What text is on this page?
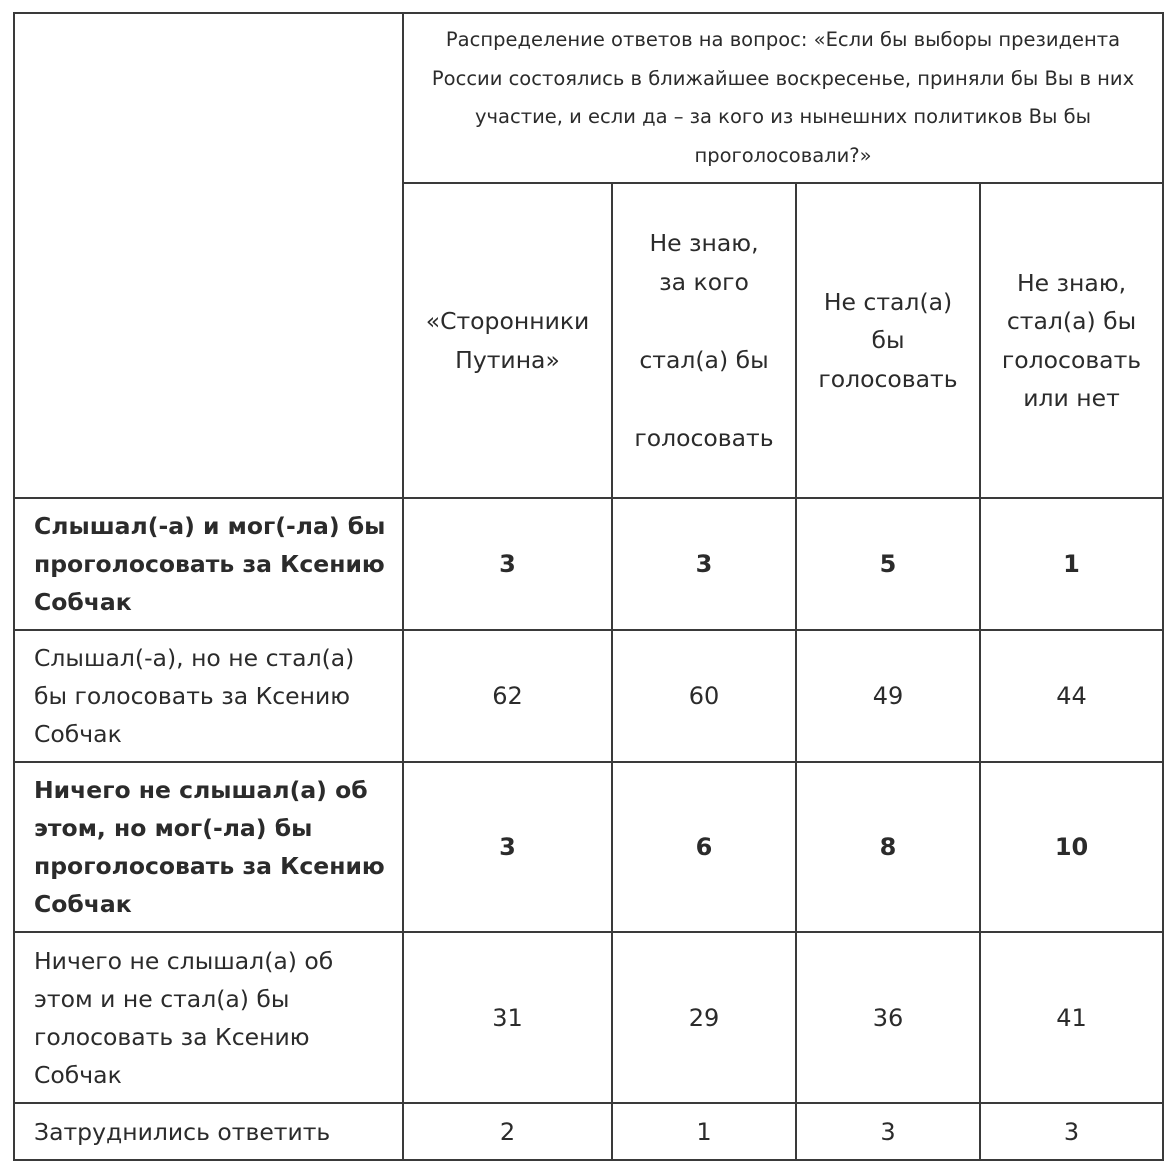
	Распределение ответов на вопрос: «Если бы выборы президента России состоялись в ближайшее воскресенье, приняли бы Вы в них участие, и если да – за кого из нынешних политиков Вы бы проголосовали?»			
	«Сторонники
Путина»	Не знаю,
за кого

стал(а) бы

голосовать	Не стал(а)
бы
голосовать	Не знаю,
стал(а) бы
голосовать
или нет
Слышал(-а) и мог(-ла) бы проголосовать за Ксению Собчак	3	3	5	1
Слышал(-а), но не стал(а) бы голосовать за Ксению Собчак	62	60	49	44
Ничего не слышал(а) об этом, но мог(-ла) бы проголосовать за Ксению Собчак	3	6	8	10
Ничего не слышал(а) об этом и не стал(а) бы голосовать за Ксению Собчак	31	29	36	41
Затруднились ответить	2	1	3	3
